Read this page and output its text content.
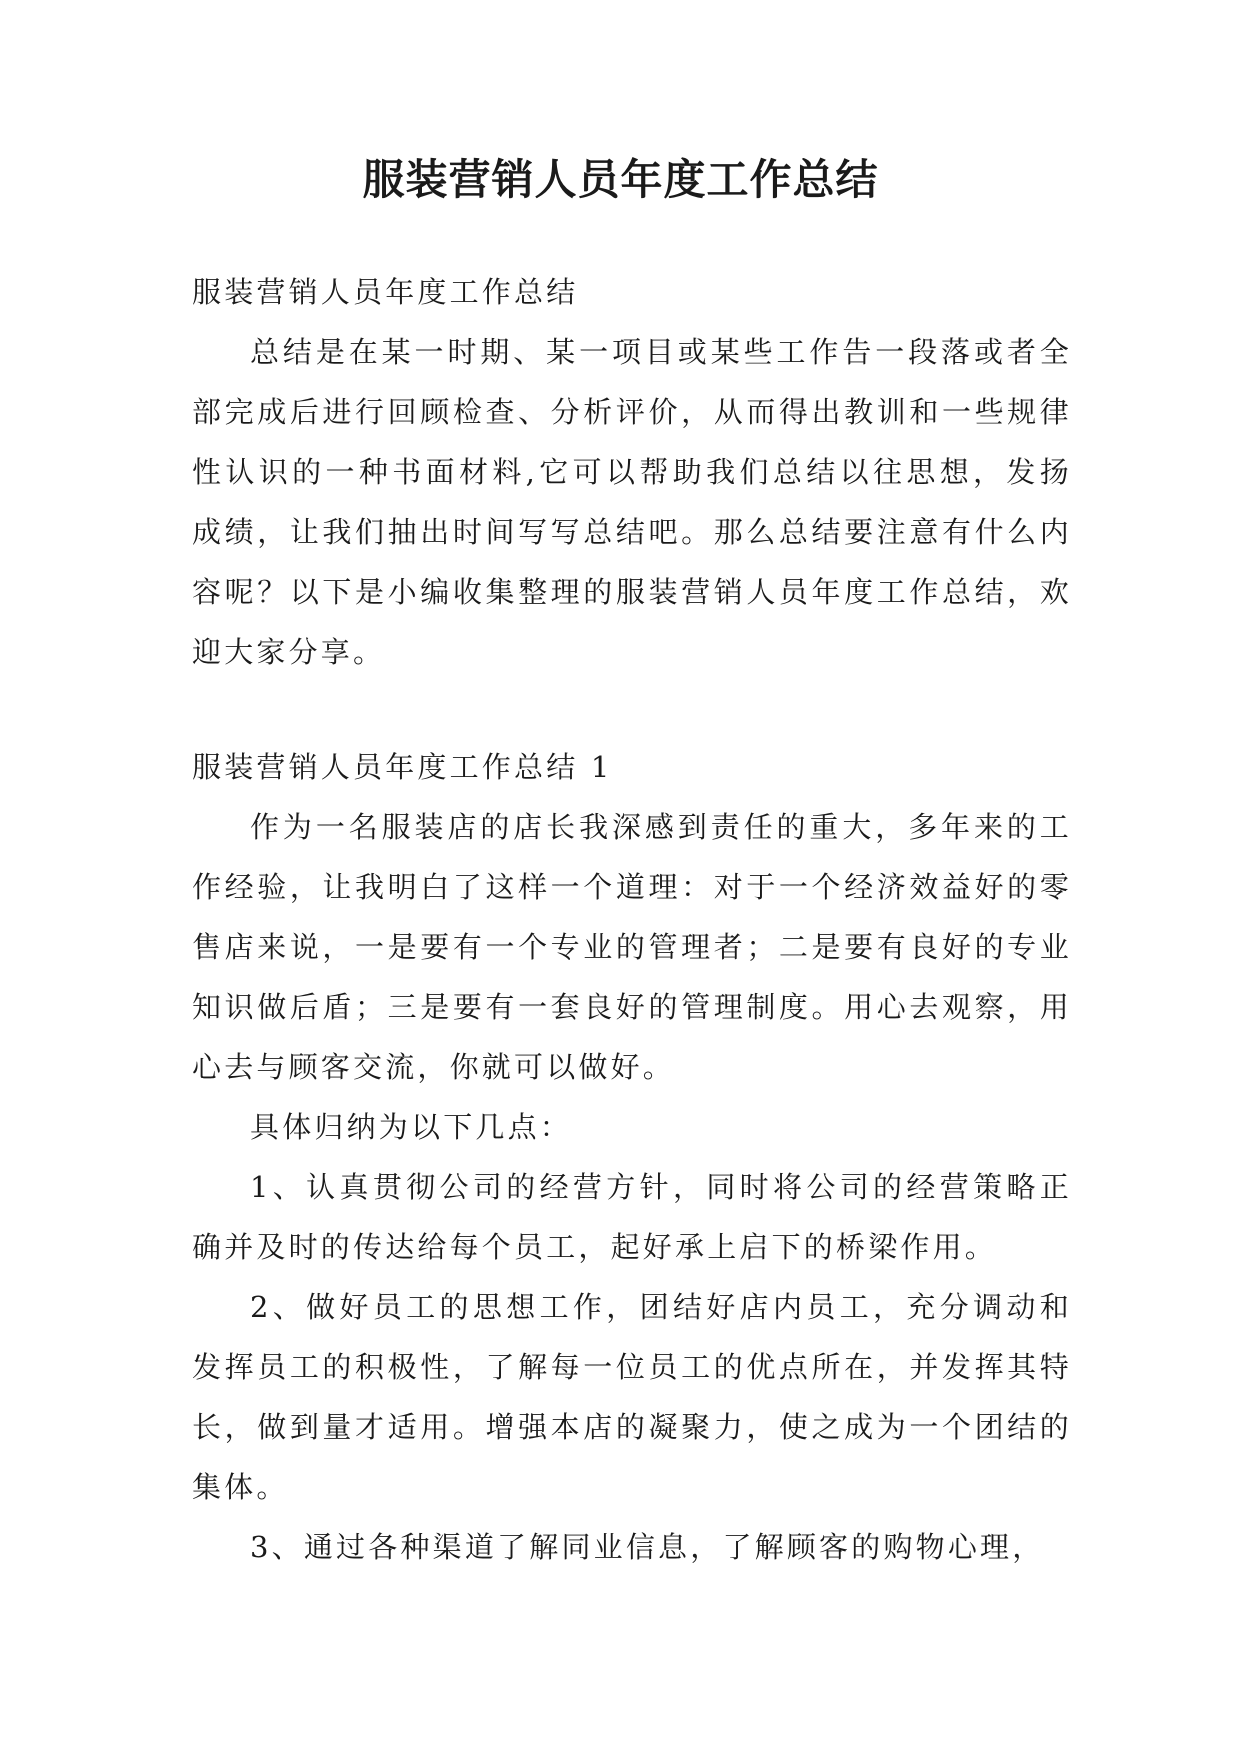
服装营销人员年度工作总结

服装营销人员年度工作总结

总结是在某一时期、某一项目或某些工作告一段落或者全部完成后进行回顾检查、分析评价，从而得出教训和一些规律性认识的一种书面材料,它可以帮助我们总结以往思想，发扬成绩，让我们抽出时间写写总结吧。那么总结要注意有什么内容呢？以下是小编收集整理的服装营销人员年度工作总结，欢迎大家分享。

服装营销人员年度工作总结 1

作为一名服装店的店长我深感到责任的重大，多年来的工作经验，让我明白了这样一个道理：对于一个经济效益好的零售店来说，一是要有一个专业的管理者；二是要有良好的专业知识做后盾；三是要有一套良好的管理制度。用心去观察，用心去与顾客交流，你就可以做好。

具体归纳为以下几点：

1、认真贯彻公司的经营方针，同时将公司的经营策略正确并及时的传达给每个员工，起好承上启下的桥梁作用。

2、做好员工的思想工作，团结好店内员工，充分调动和发挥员工的积极性，了解每一位员工的优点所在，并发挥其特长，做到量才适用。增强本店的凝聚力，使之成为一个团结的集体。

3、通过各种渠道了解同业信息，了解顾客的购物心理，
